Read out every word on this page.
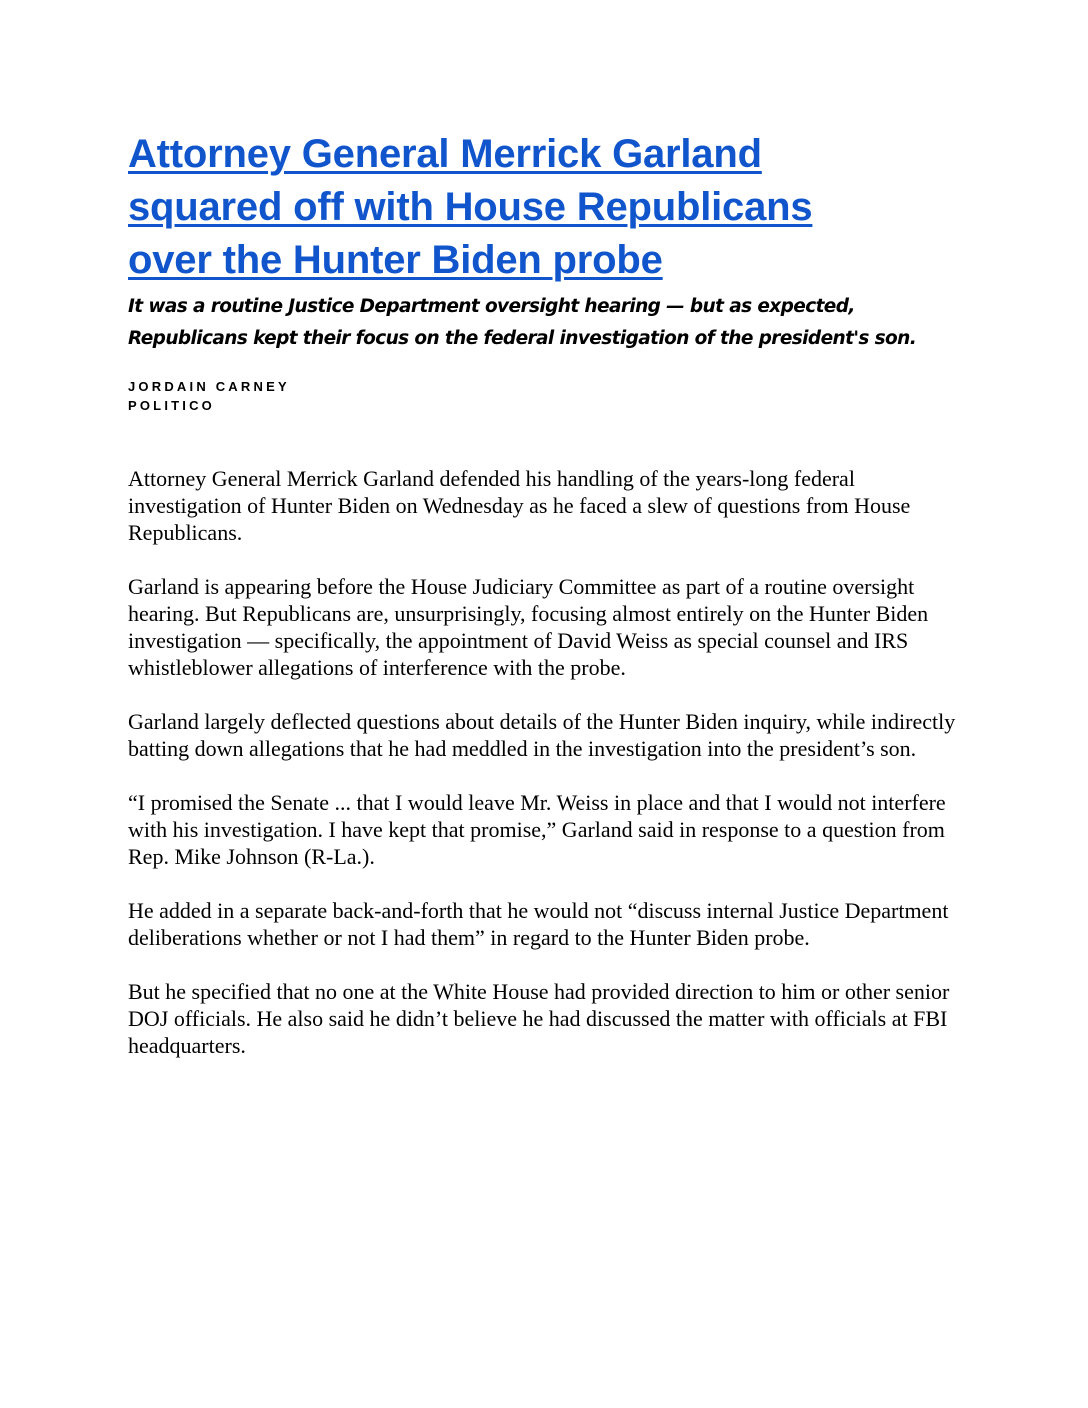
Attorney General Merrick Garland squared off with House Republicans over the Hunter Biden probe
It was a routine Justice Department oversight hearing — but as expected, Republicans kept their focus on the federal investigation of the president's son.
JORDAIN CARNEY
POLITICO

Attorney General Merrick Garland defended his handling of the years-long federal investigation of Hunter Biden on Wednesday as he faced a slew of questions from House Republicans.

Garland is appearing before the House Judiciary Committee as part of a routine oversight hearing. But Republicans are, unsurprisingly, focusing almost entirely on the Hunter Biden investigation — specifically, the appointment of David Weiss as special counsel and IRS whistleblower allegations of interference with the probe.

Garland largely deflected questions about details of the Hunter Biden inquiry, while indirectly batting down allegations that he had meddled in the investigation into the president’s son.

“I promised the Senate ... that I would leave Mr. Weiss in place and that I would not interfere with his investigation. I have kept that promise,” Garland said in response to a question from Rep. Mike Johnson (R-La.).

He added in a separate back-and-forth that he would not “discuss internal Justice Department deliberations whether or not I had them” in regard to the Hunter Biden probe.

But he specified that no one at the White House had provided direction to him or other senior DOJ officials. He also said he didn’t believe he had discussed the matter with officials at FBI headquarters.
